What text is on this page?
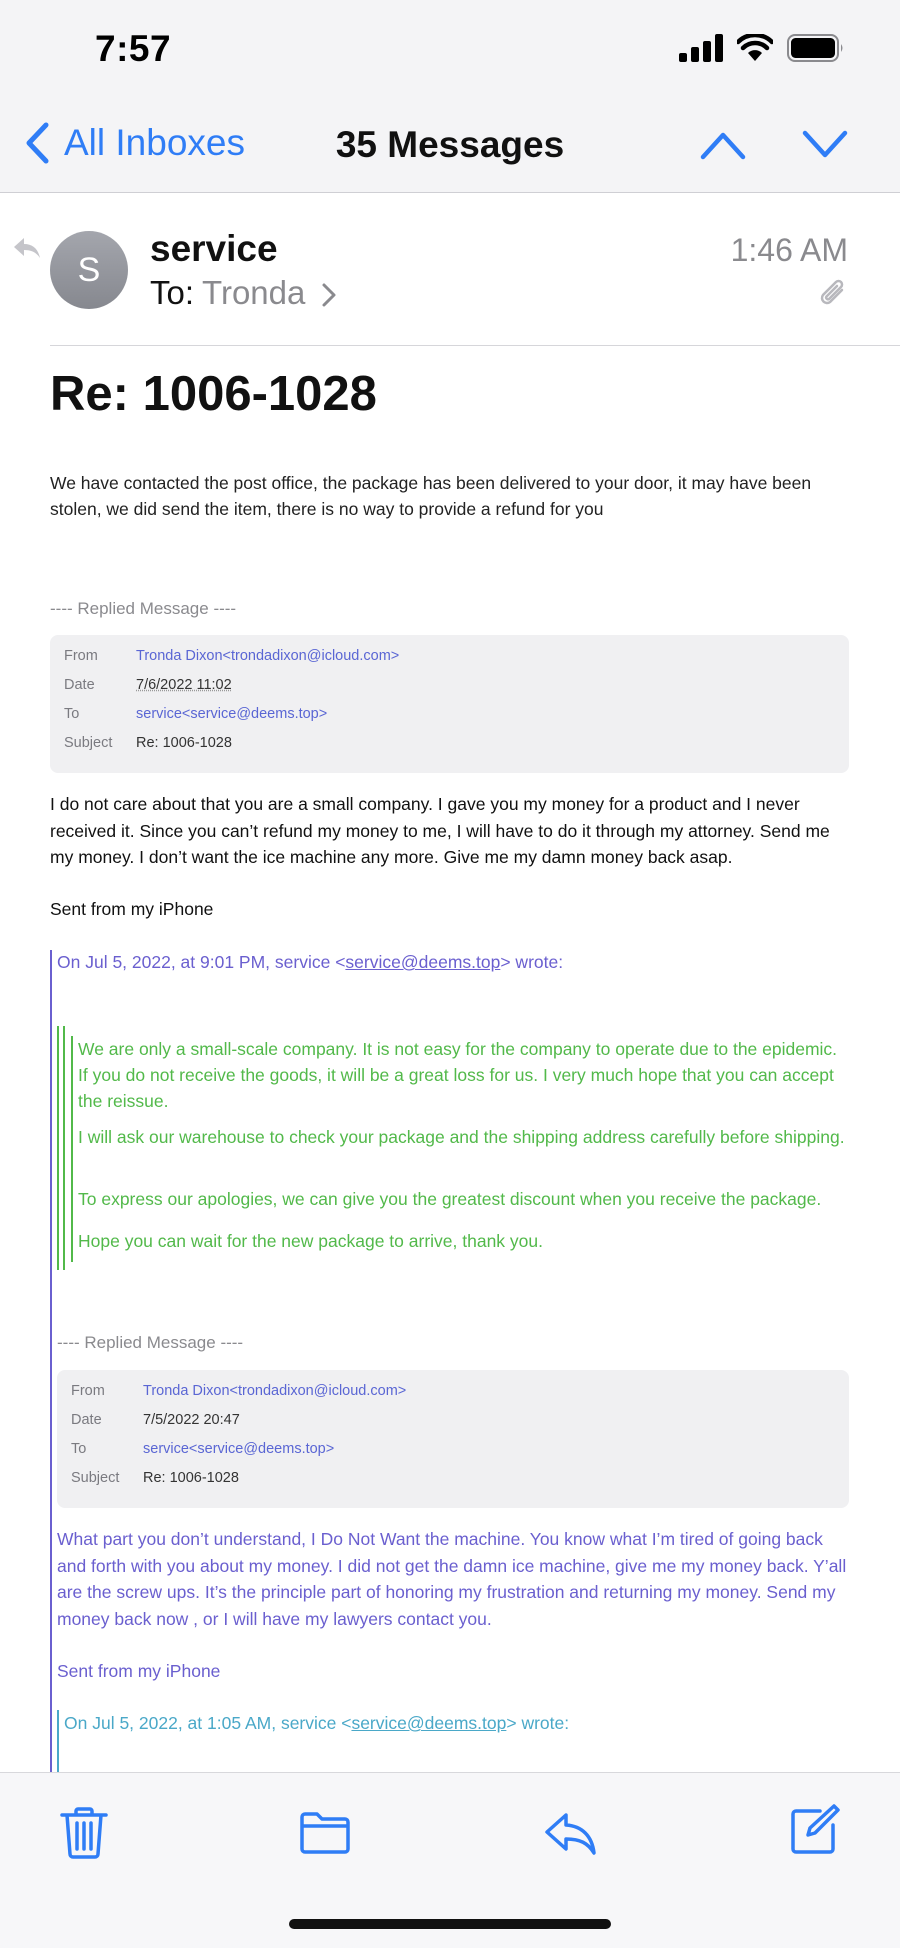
7:57
All Inboxes	35 Messages
S
service
To: Tronda
1:46 AM
Re: 1006-1028
We have contacted the post office, the package has been delivered to your door, it may have been stolen, we did send the item, there is no way to provide a refund for you
---- Replied Message ----
From	Tronda Dixon<trondadixon@icloud.com>
Date	7/6/2022 11:02
To	service<service@deems.top>
Subject Re: 1006-1028
I do not care about that you are a small company. I gave you my money for a product and I never received it. Since you can’t refund my money to me, I will have to do it through my attorney. Send me my money. I don’t want the ice machine any more. Give me my damn money back asap.
Sent from my iPhone
On Jul 5, 2022, at 9:01 PM, service <service@deems.top> wrote:
We are only a small-scale company. It is not easy for the company to operate due to the epidemic. If you do not receive the goods, it will be a great loss for us. I very much hope that you can accept the reissue.
I will ask our warehouse to check your package and the shipping address carefully before shipping.
To express our apologies, we can give you the greatest discount when you receive the package.
Hope you can wait for the new package to arrive, thank you.
---- Replied Message ----
From	Tronda Dixon<trondadixon@icloud.com>
Date	7/5/2022 20:47
To	service<service@deems.top>
Subject Re: 1006-1028
What part you don’t understand, I Do Not Want the machine. You know what I’m tired of going back and forth with you about my money. I did not get the damn ice machine, give me my money back. Y’all are the screw ups. It’s the principle part of honoring my frustration and returning my money. Send my money back now , or I will have my lawyers contact you.
Sent from my iPhone
On Jul 5, 2022, at 1:05 AM, service <service@deems.top> wrote:
